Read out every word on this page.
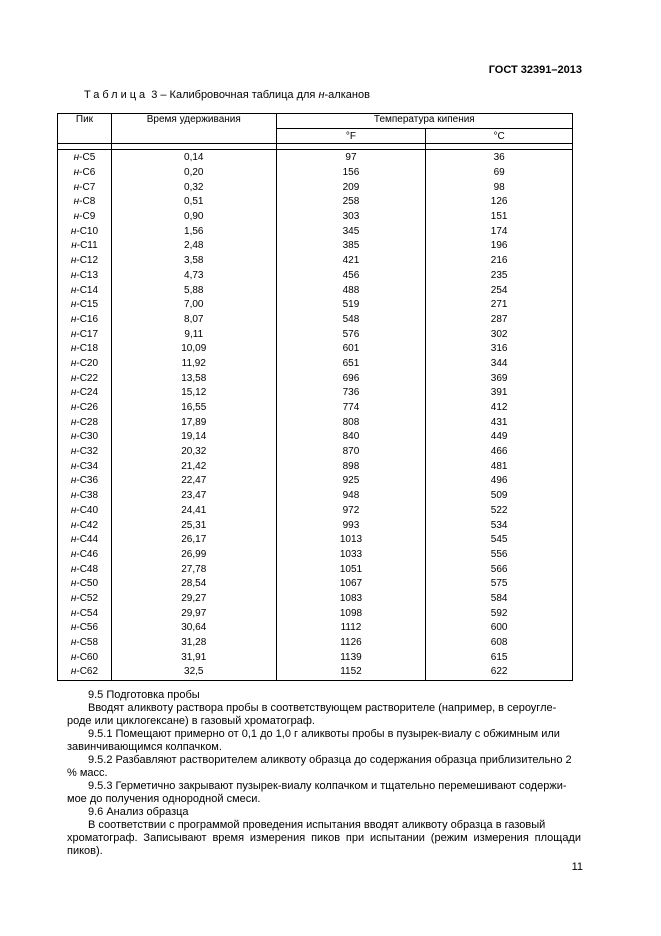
ГОСТ 32391–2013
Таблица 3 – Калибровочная таблица для н-алканов
Пик	Время удерживания	Температура кипения	
		°F	°C

н-С5	0,14	97	36
н-С6	0,20	156	69
н-С7	0,32	209	98
н-С8	0,51	258	126
н-С9	0,90	303	151
н-С10	1,56	345	174
н-С11	2,48	385	196
н-С12	3,58	421	216
н-С13	4,73	456	235
н-С14	5,88	488	254
н-С15	7,00	519	271
н-С16	8,07	548	287
н-С17	9,11	576	302
н-С18	10,09	601	316
н-С20	11,92	651	344
н-С22	13,58	696	369
н-С24	15,12	736	391
н-С26	16,55	774	412
н-С28	17,89	808	431
н-С30	19,14	840	449
н-С32	20,32	870	466
н-С34	21,42	898	481
н-С36	22,47	925	496
н-С38	23,47	948	509
н-С40	24,41	972	522
н-С42	25,31	993	534
н-С44	26,17	1013	545
н-С46	26,99	1033	556
н-С48	27,78	1051	566
н-С50	28,54	1067	575
н-С52	29,27	1083	584
н-С54	29,97	1098	592
н-С56	30,64	1112	600
н-С58	31,28	1126	608
н-С60	31,91	1139	615
н-С62	32,5	1152	622

9.5 Подготовка пробы

Вводят аликвоту раствора пробы в соответствующем растворителе (например, в сероугле-

роде или циклогексане) в газовый хроматограф.

9.5.1 Помещают примерно от 0,1 до 1,0 г аликвоты пробы в пузырек-виалу с обжимным или

завинчивающимся колпачком.

9.5.2 Разбавляют растворителем аликвоту образца до содержания образца приблизительно 2

% масс.

9.5.3 Герметично закрывают пузырек-виалу колпачком и тщательно перемешивают содержи-

мое до получения однородной смеси.

9.6 Анализ образца

В соответствии с программой проведения испытания вводят аликвоту образца в газовый

хроматограф. Записывают время измерения пиков при испытании (режим измерения площади пиков).

11
